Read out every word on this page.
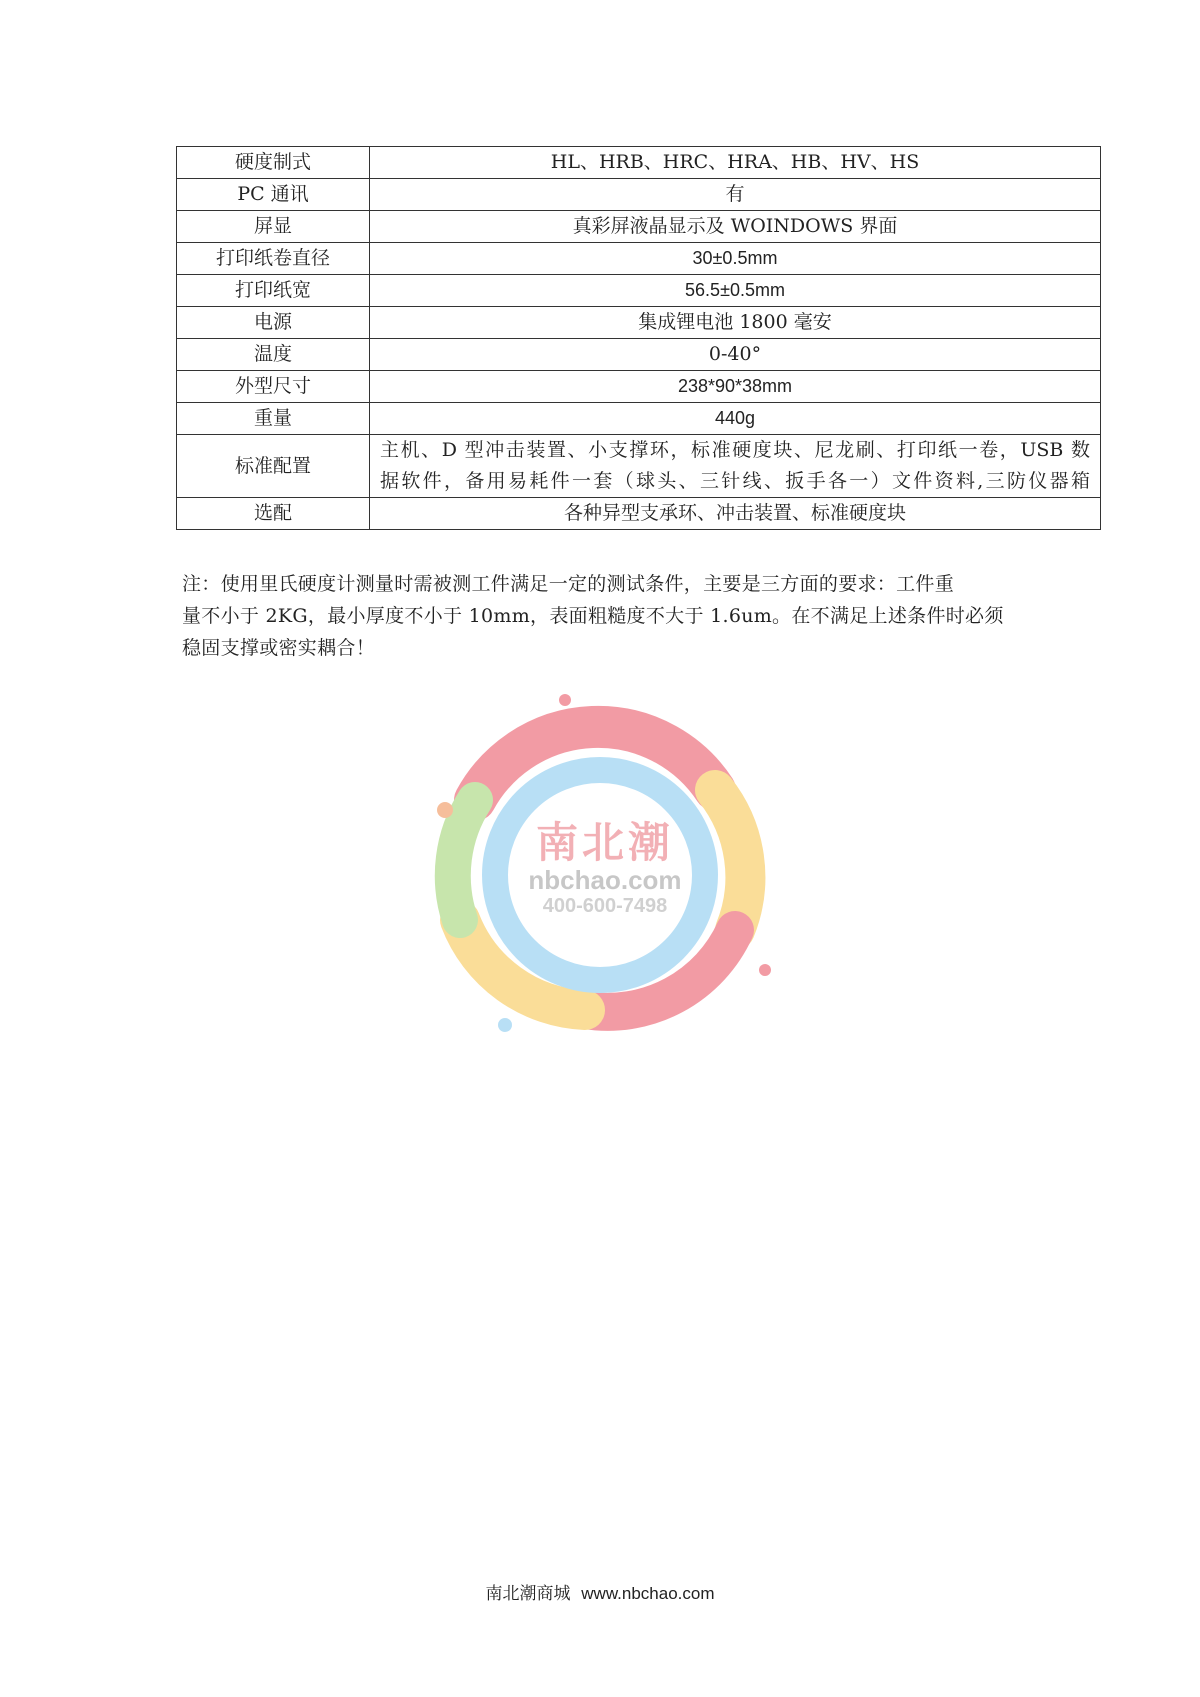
硬度制式	HL、HRB、HRC、HRA、HB、HV、HS
PC 通讯	有
屏显	真彩屏液晶显示及 WOINDOWS 界面
打印纸卷直径	30±0.5mm
打印纸宽	56.5±0.5mm
电源	集成锂电池 1800 毫安
温度	0-40°
外型尺寸	238*90*38mm
重量	440g
标准配置	主机、D 型冲击装置、小支撑环，标准硬度块、尼龙刷、打印纸一卷，USB 数
据软件，备用易耗件一套（球头、三针线、扳手各一）文件资料,三防仪器箱

选配	各种异型支承环、冲击装置、标准硬度块
注：使用里氏硬度计测量时需被测工件满足一定的测试条件，主要是三方面的要求：工件重
量不小于 2KG，最小厚度不小于 10mm，表面粗糙度不大于 1.6um。在不满足上述条件时必须
稳固支撑或密实耦合！
南北潮
nbchao.com
400-600-7498
南北潮商城 www.nbchao.com
